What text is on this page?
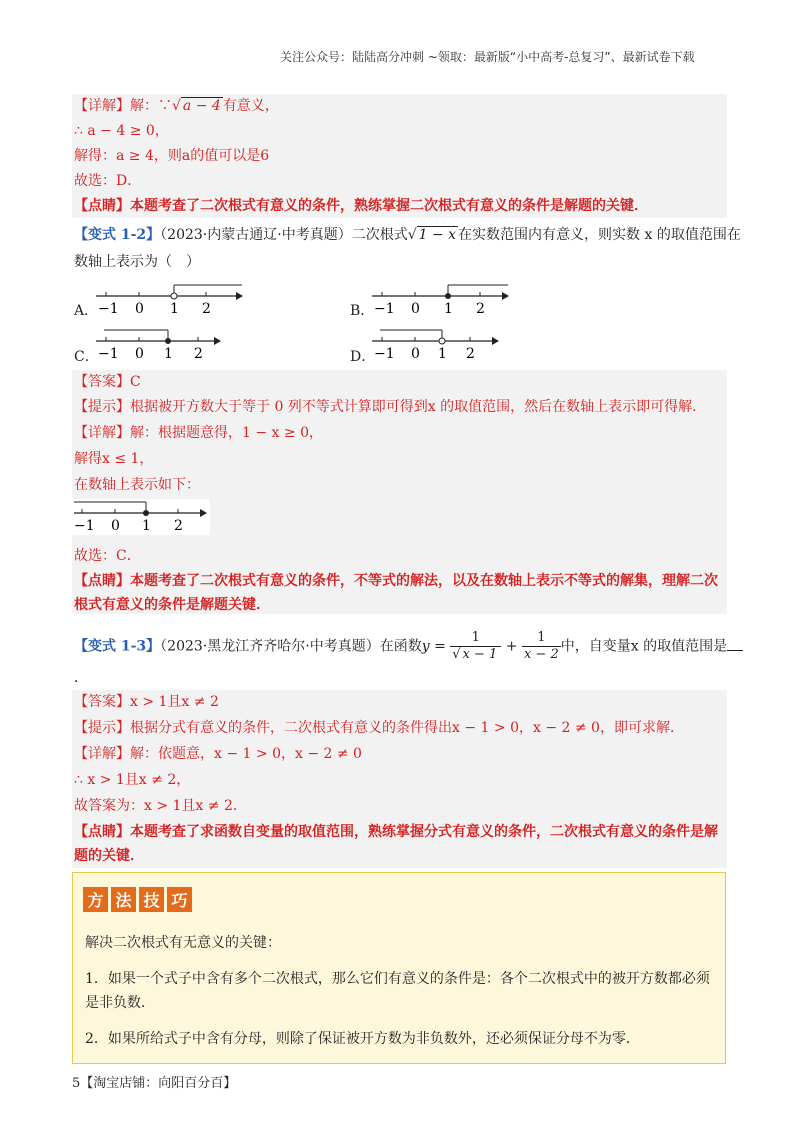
关注公众号：陆陆高分冲刺 ~领取：最新版“小中高考-总复习”、最新试卷下载
【详解】解：∵√ a − 4 有意义，
∴ a − 4 ≥ 0，
解得：a ≥ 4，则a的值可以是6
故选：D．
【点睛】本题考查了二次根式有意义的条件，熟练掌握二次根式有意义的条件是解题的关键．
【变式 1-2】（2023·内蒙古通辽·中考真题）二次根式√ 1 − x 在实数范围内有意义，则实数 x 的取值范围在
数轴上表示为（　）
A． −1 0 1 2	B． −1 0 1 2
C． −1 0 1 2	D．
−1 0 1 2
【答案】C
【提示】根据被开方数大于等于 0 列不等式计算即可得到x 的取值范围，然后在数轴上表示即可得解．
【详解】解：根据题意得，1 − x ≥ 0，
解得x ≤ 1，
在数轴上表示如下：
−1 0 1 2
故选：C．
【点睛】本题考查了二次根式有意义的条件，不等式的解法，以及在数轴上表示不等式的解集，理解二次
根式有意义的条件是解题关键．
【变式 1-3】（2023·黑龙江齐齐哈尔·中考真题）在函数$y = \frac{1}{√ x - 1} + \frac{1}{x - 2}$ 中，自变量x 的取值范围是
．
【答案】x > 1且x ≠ 2
【提示】根据分式有意义的条件，二次根式有意义的条件得出x − 1 > 0，x − 2 ≠ 0，即可求解．
【详解】解：依题意，x − 1 > 0，x − 2 ≠ 0
∴ x > 1且x ≠ 2，
故答案为：x > 1且x ≠ 2．
【点睛】本题考查了求函数自变量的取值范围，熟练掌握分式有意义的条件，二次根式有意义的条件是解
题的关键．
方 法 技 巧
解决二次根式有无意义的关键：
1．如果一个式子中含有多个二次根式，那么它们有意义的条件是：各个二次根式中的被开方数都必须
是非负数．
2．如果所给式子中含有分母，则除了保证被开方数为非负数外，还必须保证分母不为零．
5【淘宝店铺：向阳百分百】
